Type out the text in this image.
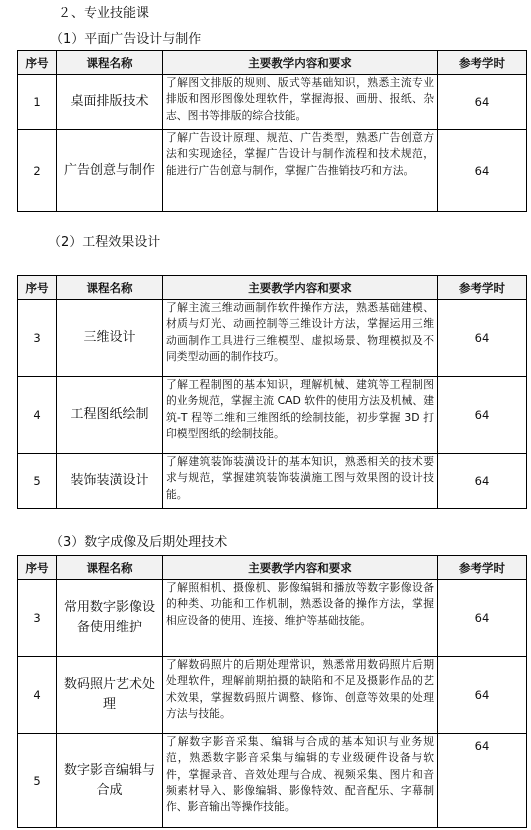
２、专业技能课
（1）平面广告设计与制作
序号	课程名称	主要教学内容和要求	参考学时
1	桌面排版技术	了解图文排版的规则、版式等基础知识，熟悉主流专业排版和图形图像处理软件，掌握海报、画册、报纸、杂志、图书等排版的综合技能。	64
2	广告创意与制作	了解广告设计原理、规范、广告类型，熟悉广告创意方法和实现途径，掌握广告设计与制作流程和技术规范，能进行广告创意与制作，掌握广告推销技巧和方法。	64
（2）工程效果设计
序号	课程名称	主要教学内容和要求	参考学时
3	三维设计	了解主流三维动画制作软件操作方法，熟悉基础建模、材质与灯光、动画控制等三维设计方法，掌握运用三维动画制作工具进行三维模型、虚拟场景、物理模拟及不同类型动画的制作技巧。	64
4	工程图纸绘制	了解工程制图的基本知识，理解机械、建筑等工程制图的业务规范，掌握主流 CAD 软件的使用方法及机械、建筑-T 程等二维和三维图纸的绘制技能，初步掌握 3D 打印模型图纸的绘制技能。	64
5	装饰装潢设计	了解建筑装饰装潢设计的基本知识，熟悉相关的技术要求与规范，掌握建筑装饰装潢施工图与效果图的设计技能。	64
（3）数字成像及后期处理技术
序号	课程名称	主要教学内容和要求	参考学时
3	常用数字影像设备使用维护	了解照相机、摄像机、影像编辑和播放等数字影像设备的种类、功能和工作机制，熟悉设备的操作方法，掌握相应设备的使用、连接、维护等基础技能。	64
4	数码照片艺术处理	了解数码照片的后期处理常识，熟悉常用数码照片后期处理软件，理解前期拍摄的缺陷和不足及摄影作品的艺术效果，掌握数码照片调整、修饰、创意等效果的处理方法与技能。	64
5	数字影音编辑与合成	了解数字影音采集、编辑与合成的基本知识与业务规范，熟悉数字影音采集与编辑的专业级硬件设备与软件，掌握录音、音效处理与合成、视频采集、图片和音频素材导入、影像编辑、影像特效、配音配乐、字幕制作、影音输出等操作技能。	64
